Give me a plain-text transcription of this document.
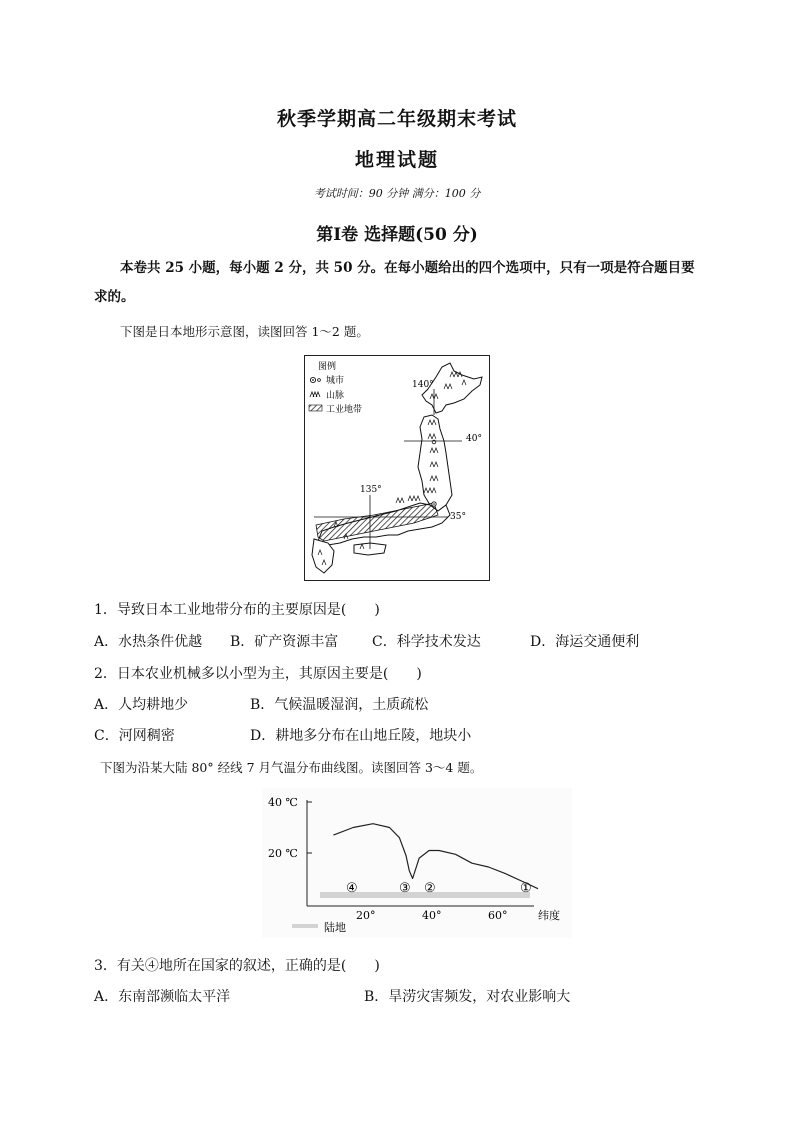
秋季学期高二年级期末考试
地理试题
考试时间：90 分钟 满分：100 分
第Ⅰ卷 选择题(50 分)
本卷共 25 小题，每小题 2 分，共 50 分。在每小题给出的四个选项中，只有一项是符合题目要
求的。
下图是日本地形示意图，读图回答 1～2 题。
图例
城市
山脉
工业地带
140°
40°
135°
35°
1．导致日本工业地带分布的主要原因是(　　)
A．水热条件优越 B．矿产资源丰富 C．科学技术发达	D．海运交通便利
2．日本农业机械多以小型为主，其原因主要是(　　)
A．人均耕地少	B．气候温暖湿润，土质疏松
C．河网稠密	D．耕地多分布在山地丘陵，地块小
下图为沿某大陆 80° 经线 7 月气温分布曲线图。读图回答 3～4 题。
40 ℃
20 ℃
④	③ ②	①
20°	40°	60°	纬度
陆地
3．有关④地所在国家的叙述，正确的是(　　)
A．东南部濒临太平洋	B．旱涝灾害频发，对农业影响大
